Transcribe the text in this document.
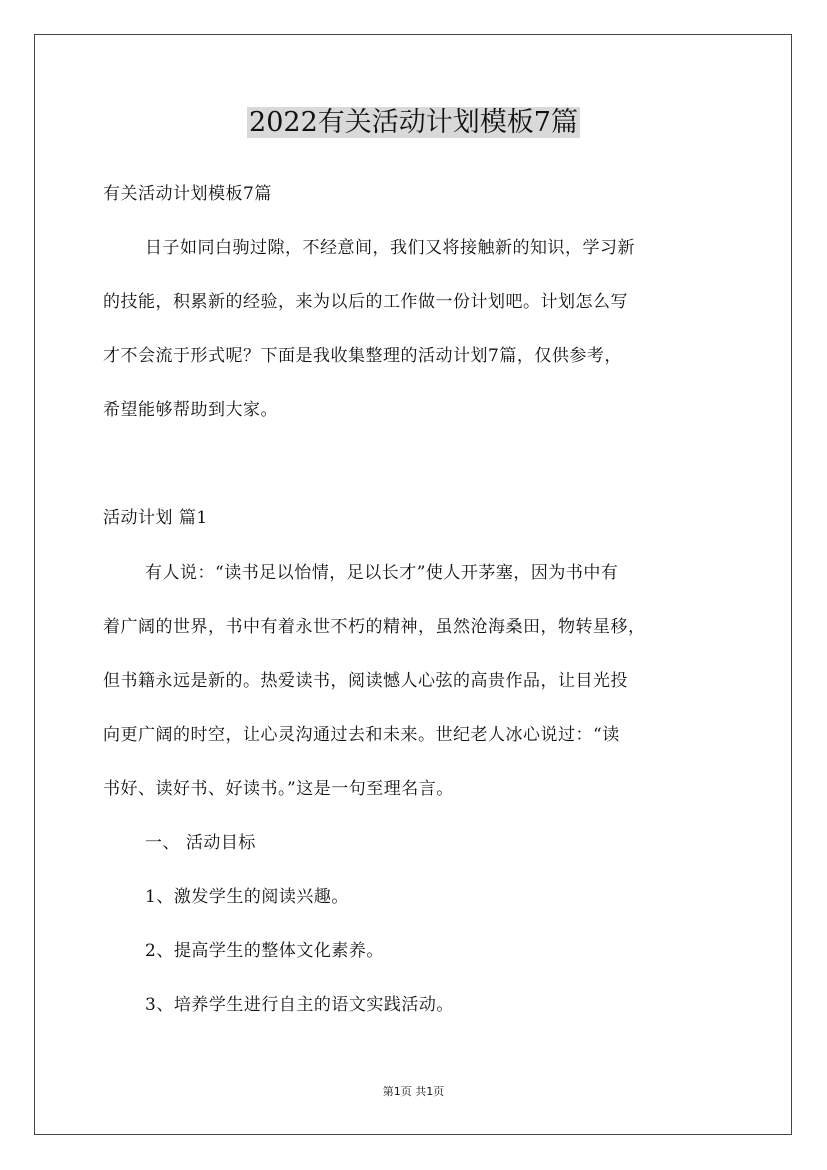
2022有关活动计划模板7篇
有关活动计划模板7篇
日子如同白驹过隙，不经意间，我们又将接触新的知识，学习新
的技能，积累新的经验，来为以后的工作做一份计划吧。计划怎么写
才不会流于形式呢？下面是我收集整理的活动计划7篇，仅供参考，
希望能够帮助到大家。
活动计划 篇1
有人说：“读书足以怡情，足以长才”使人开茅塞，因为书中有
着广阔的世界，书中有着永世不朽的精神，虽然沧海桑田，物转星移，
但书籍永远是新的。热爱读书，阅读憾人心弦的高贵作品，让目光投
向更广阔的时空，让心灵沟通过去和未来。世纪老人冰心说过：“读
书好、读好书、好读书。”这是一句至理名言。
一、 活动目标
1、激发学生的阅读兴趣。
2、提高学生的整体文化素养。
3、培养学生进行自主的语文实践活动。
第1页 共1页
